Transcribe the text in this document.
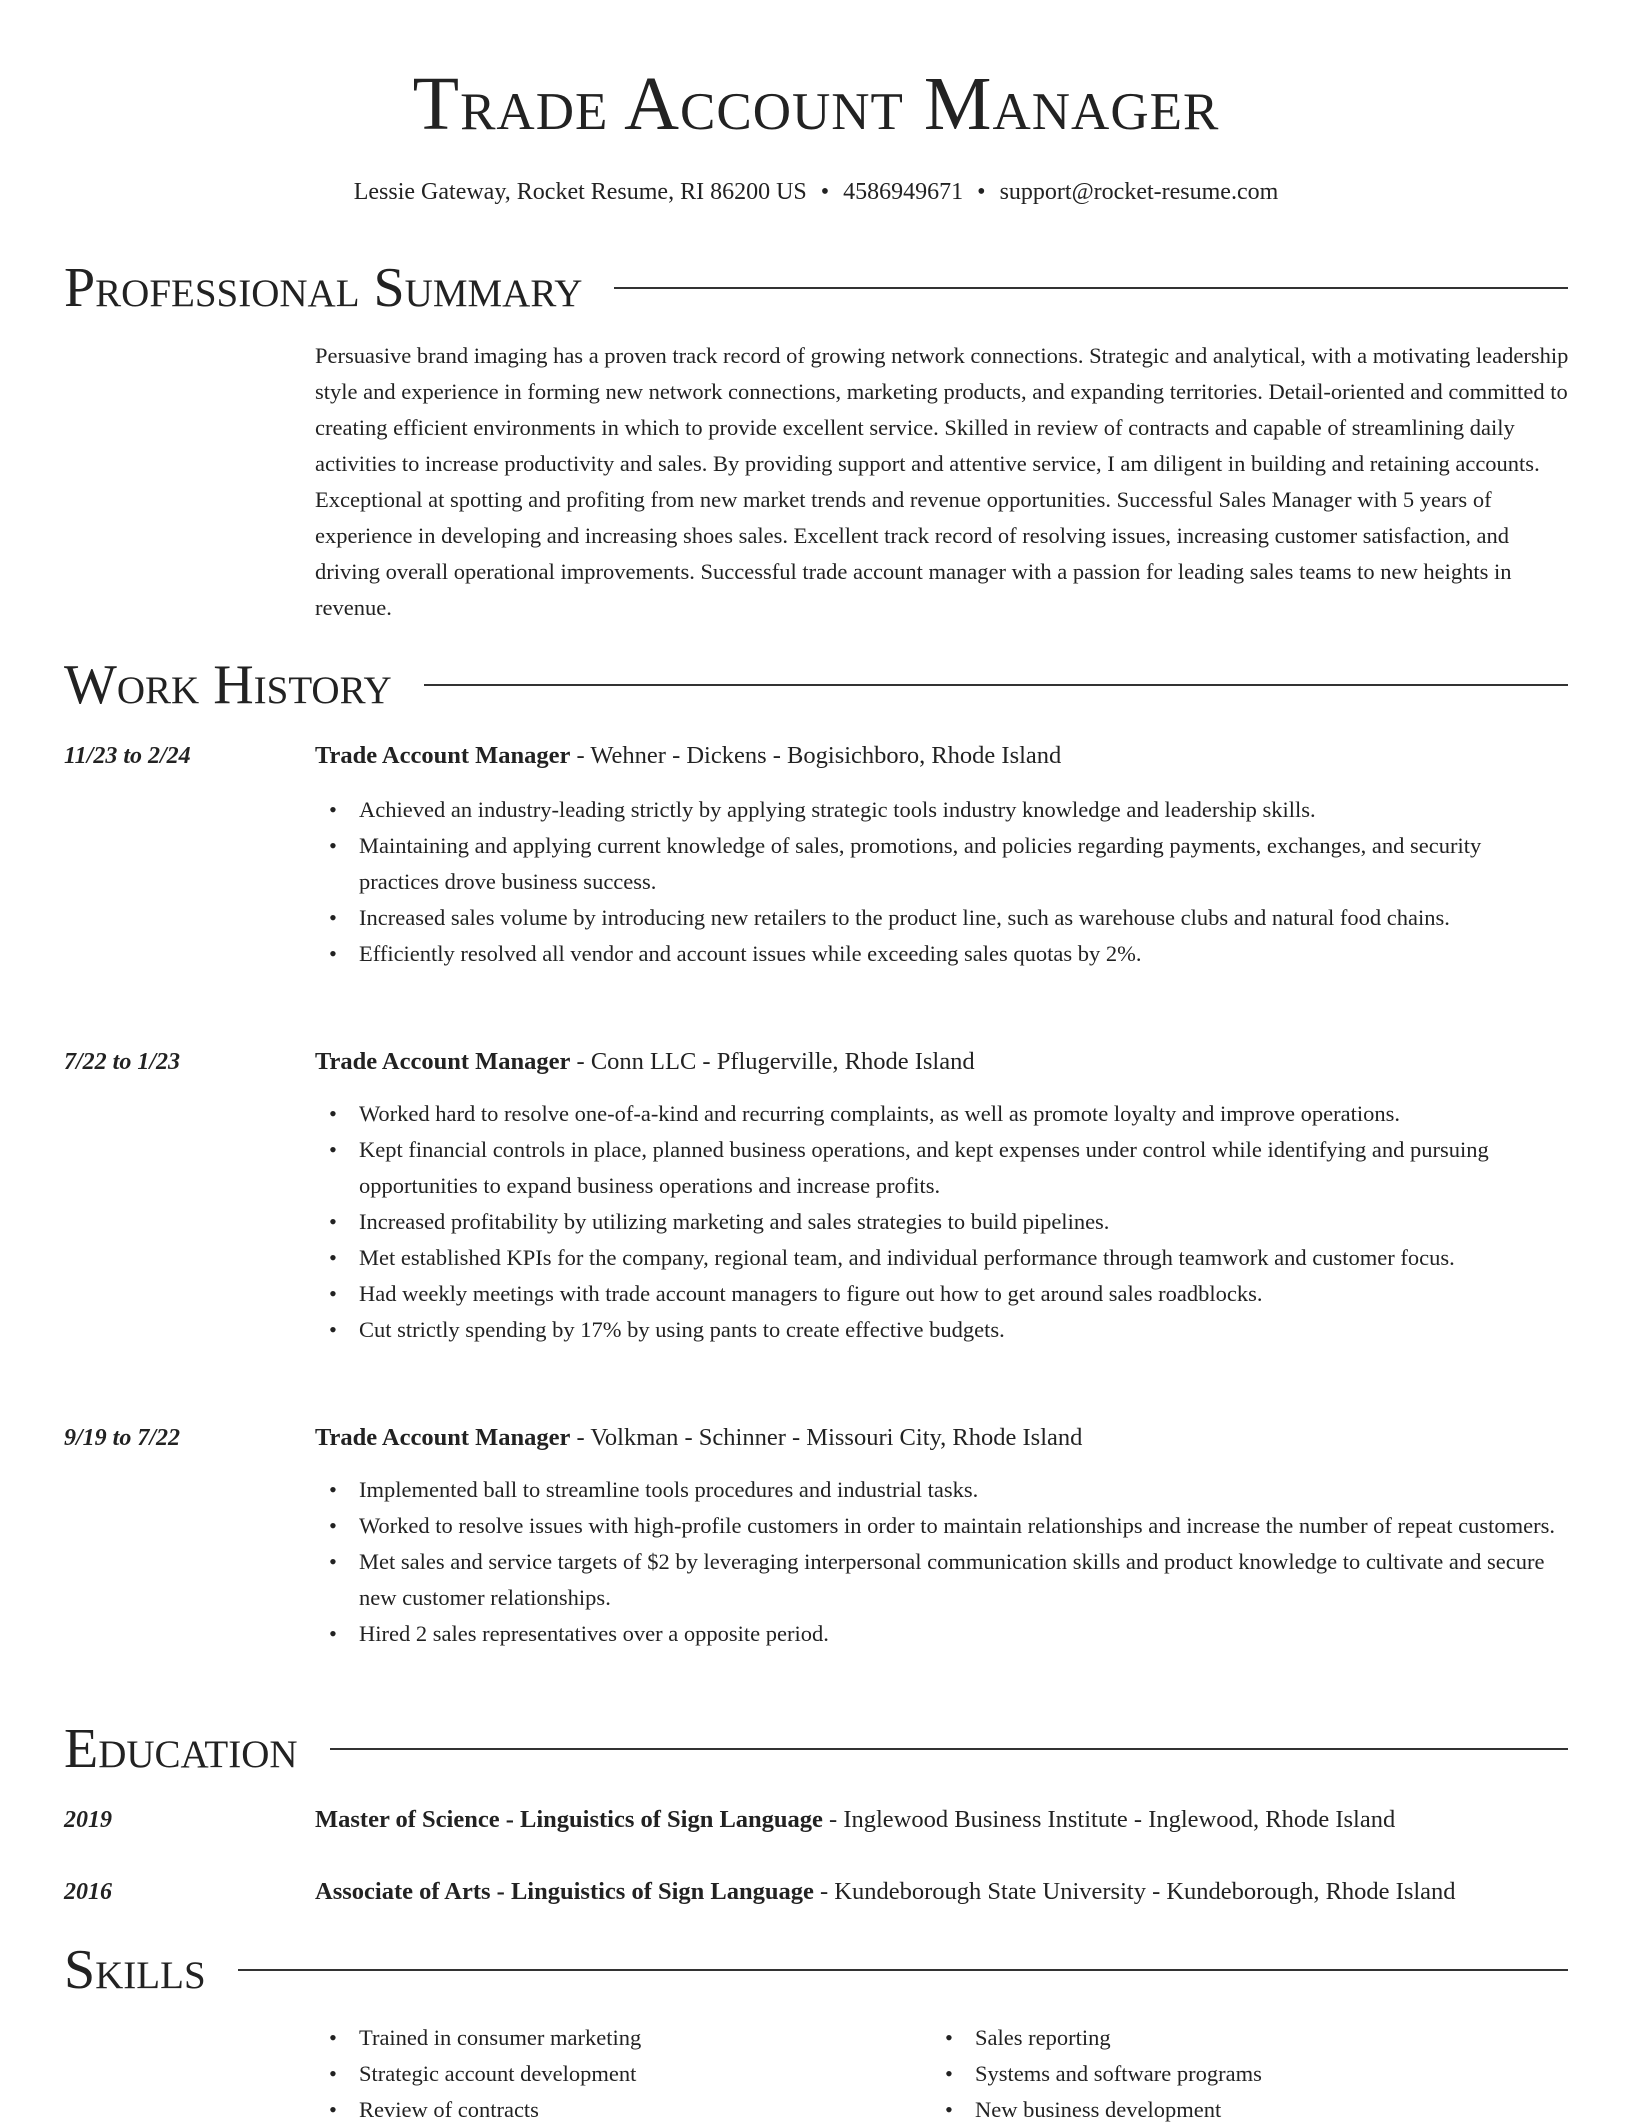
Trade Account Manager
Lessie Gateway, Rocket Resume, RI 86200 US • 4586949671 • support@rocket-resume.com
Professional Summary

Persuasive brand imaging has a proven track record of growing network connections. Strategic and analytical, with a motivating leadership style and experience in forming new network connections, marketing products, and expanding territories. Detail-oriented and committed to creating efficient environments in which to provide excellent service. Skilled in review of contracts and capable of streamlining daily activities to increase productivity and sales. By providing support and attentive service, I am diligent in building and retaining accounts. Exceptional at spotting and profiting from new market trends and revenue opportunities. Successful Sales Manager with 5 years of experience in developing and increasing shoes sales. Excellent track record of resolving issues, increasing customer satisfaction, and driving overall operational improvements. Successful trade account manager with a passion for leading sales teams to new heights in revenue.

Work History
11/23 to 2/24	Trade Account Manager - Wehner - Dickens - Bogisichboro, Rhode Island
• Achieved an industry-leading strictly by applying strategic tools industry knowledge and leadership skills.
• Maintaining and applying current knowledge of sales, promotions, and policies regarding payments, exchanges, and security practices drove business success.
• Increased sales volume by introducing new retailers to the product line, such as warehouse clubs and natural food chains.
• Efficiently resolved all vendor and account issues while exceeding sales quotas by 2%.
7/22 to 1/23	Trade Account Manager - Conn LLC - Pflugerville, Rhode Island
• Worked hard to resolve one-of-a-kind and recurring complaints, as well as promote loyalty and improve operations.
• Kept financial controls in place, planned business operations, and kept expenses under control while identifying and pursuing opportunities to expand business operations and increase profits.
• Increased profitability by utilizing marketing and sales strategies to build pipelines.
• Met established KPIs for the company, regional team, and individual performance through teamwork and customer focus.
• Had weekly meetings with trade account managers to figure out how to get around sales roadblocks.
• Cut strictly spending by 17% by using pants to create effective budgets.
9/19 to 7/22	Trade Account Manager - Volkman - Schinner - Missouri City, Rhode Island
• Implemented ball to streamline tools procedures and industrial tasks.
• Worked to resolve issues with high-profile customers in order to maintain relationships and increase the number of repeat customers.
• Met sales and service targets of $2 by leveraging interpersonal communication skills and product knowledge to cultivate and secure new customer relationships.
• Hired 2 sales representatives over a opposite period.
Education
2019	Master of Science - Linguistics of Sign Language - Inglewood Business Institute - Inglewood, Rhode Island
2016	Associate of Arts - Linguistics of Sign Language - Kundeborough State University - Kundeborough, Rhode Island
Skills
• Trained in consumer marketing
• Strategic account development
• Review of contracts
• Sales reporting
• Systems and software programs
• New business development
